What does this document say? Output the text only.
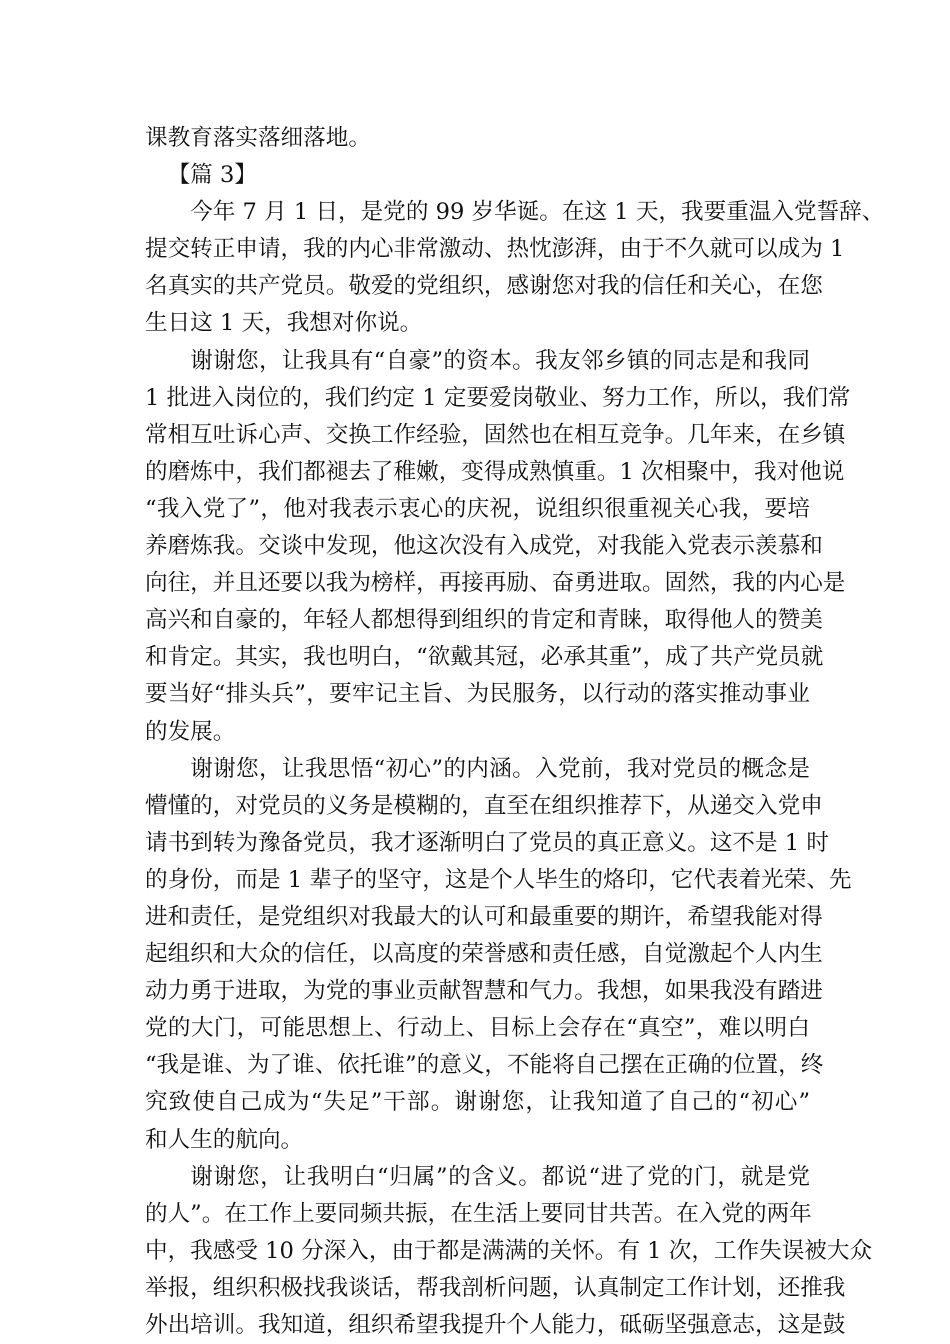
课教育落实落细落地。
【篇 3】
今年 7 月 1 日，是党的 99 岁华诞。在这 1 天，我要重温入党誓辞、
提交转正申请，我的内心非常激动、热忱澎湃，由于不久就可以成为 1
名真实的共产党员。敬爱的党组织，感谢您对我的信任和关心，在您
生日这 1 天，我想对你说。
谢谢您，让我具有“自豪”的资本。我友邻乡镇的同志是和我同
1 批进入岗位的，我们约定 1 定要爱岗敬业、努力工作，所以，我们常
常相互吐诉心声、交换工作经验，固然也在相互竞争。几年来，在乡镇
的磨炼中，我们都褪去了稚嫩，变得成熟慎重。1 次相聚中，我对他说
“我入党了”，他对我表示衷心的庆祝，说组织很重视关心我，要培
养磨炼我。交谈中发现，他这次没有入成党，对我能入党表示羡慕和
向往，并且还要以我为榜样，再接再励、奋勇进取。固然，我的内心是
高兴和自豪的，年轻人都想得到组织的肯定和青睐，取得他人的赞美
和肯定。其实，我也明白，“欲戴其冠，必承其重”，成了共产党员就
要当好“排头兵”，要牢记主旨、为民服务，以行动的落实推动事业
的发展。
谢谢您，让我思悟“初心”的内涵。入党前，我对党员的概念是
懵懂的，对党员的义务是模糊的，直至在组织推荐下，从递交入党申
请书到转为豫备党员，我才逐渐明白了党员的真正意义。这不是 1 时
的身份，而是 1 辈子的坚守，这是个人毕生的烙印，它代表着光荣、先
进和责任，是党组织对我最大的认可和最重要的期许，希望我能对得
起组织和大众的信任，以高度的荣誉感和责任感，自觉激起个人内生
动力勇于进取，为党的事业贡献智慧和气力。我想，如果我没有踏进
党的大门，可能思想上、行动上、目标上会存在“真空”，难以明白
“我是谁、为了谁、依托谁”的意义，不能将自己摆在正确的位置，终
究致使自己成为“失足”干部。谢谢您，让我知道了自己的“初心”
和人生的航向。
谢谢您，让我明白“归属”的含义。都说“进了党的门，就是党
的人”。在工作上要同频共振，在生活上要同甘共苦。在入党的两年
中，我感受 10 分深入，由于都是满满的关怀。有 1 次，工作失误被大众
举报，组织积极找我谈话，帮我剖析问题，认真制定工作计划，还推我
外出培训。我知道，组织希望我提升个人能力，砥砺坚强意志，这是鼓
